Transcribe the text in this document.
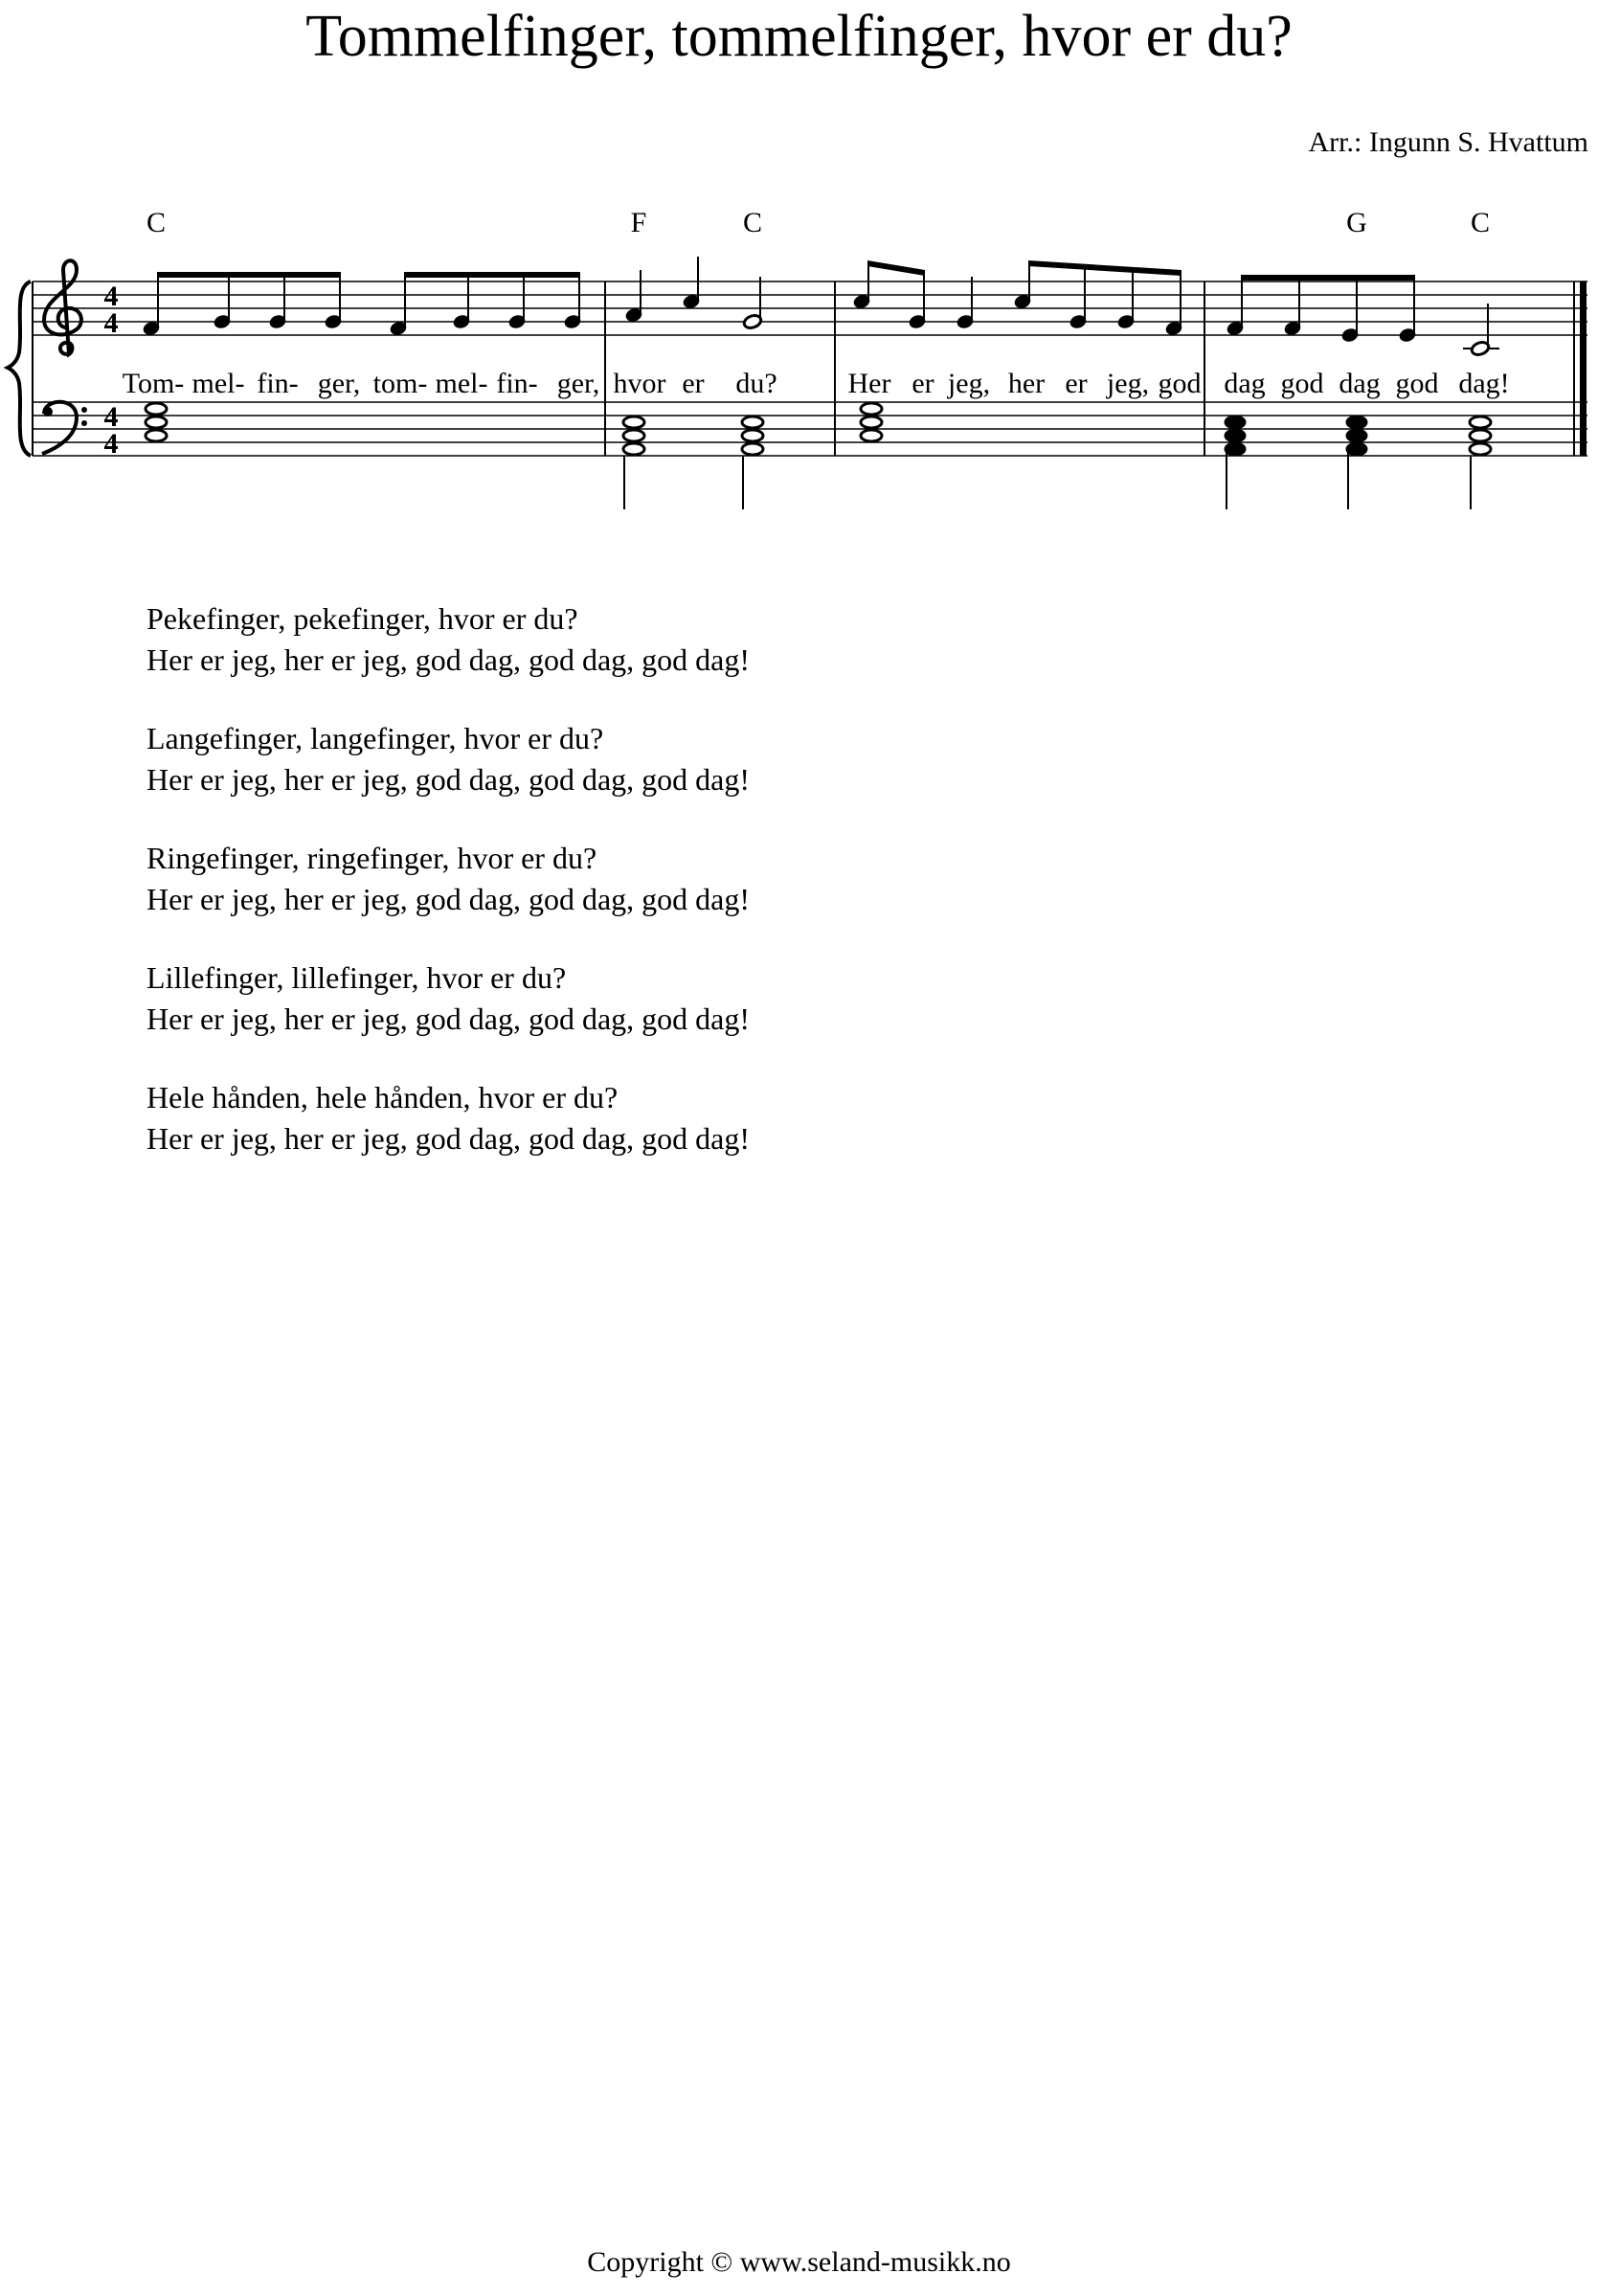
Tommelfinger, tommelfinger, hvor er du?
Arr.: Ingunn S. Hvattum
4
4
4
4
C	F	C	G	C
Tom- mel- fin- ger, tom- mel- fin- ger, hvor er du? Her er jeg, her er jeg, god dag god dag god dag!
Pekefinger, pekefinger, hvor er du?
Her er jeg, her er jeg, god dag, god dag, god dag!
Langefinger, langefinger, hvor er du?
Her er jeg, her er jeg, god dag, god dag, god dag!
Ringefinger, ringefinger, hvor er du?
Her er jeg, her er jeg, god dag, god dag, god dag!
Lillefinger, lillefinger, hvor er du?
Her er jeg, her er jeg, god dag, god dag, god dag!
Hele hånden, hele hånden, hvor er du?
Her er jeg, her er jeg, god dag, god dag, god dag!
Copyright © www.seland-musikk.no
